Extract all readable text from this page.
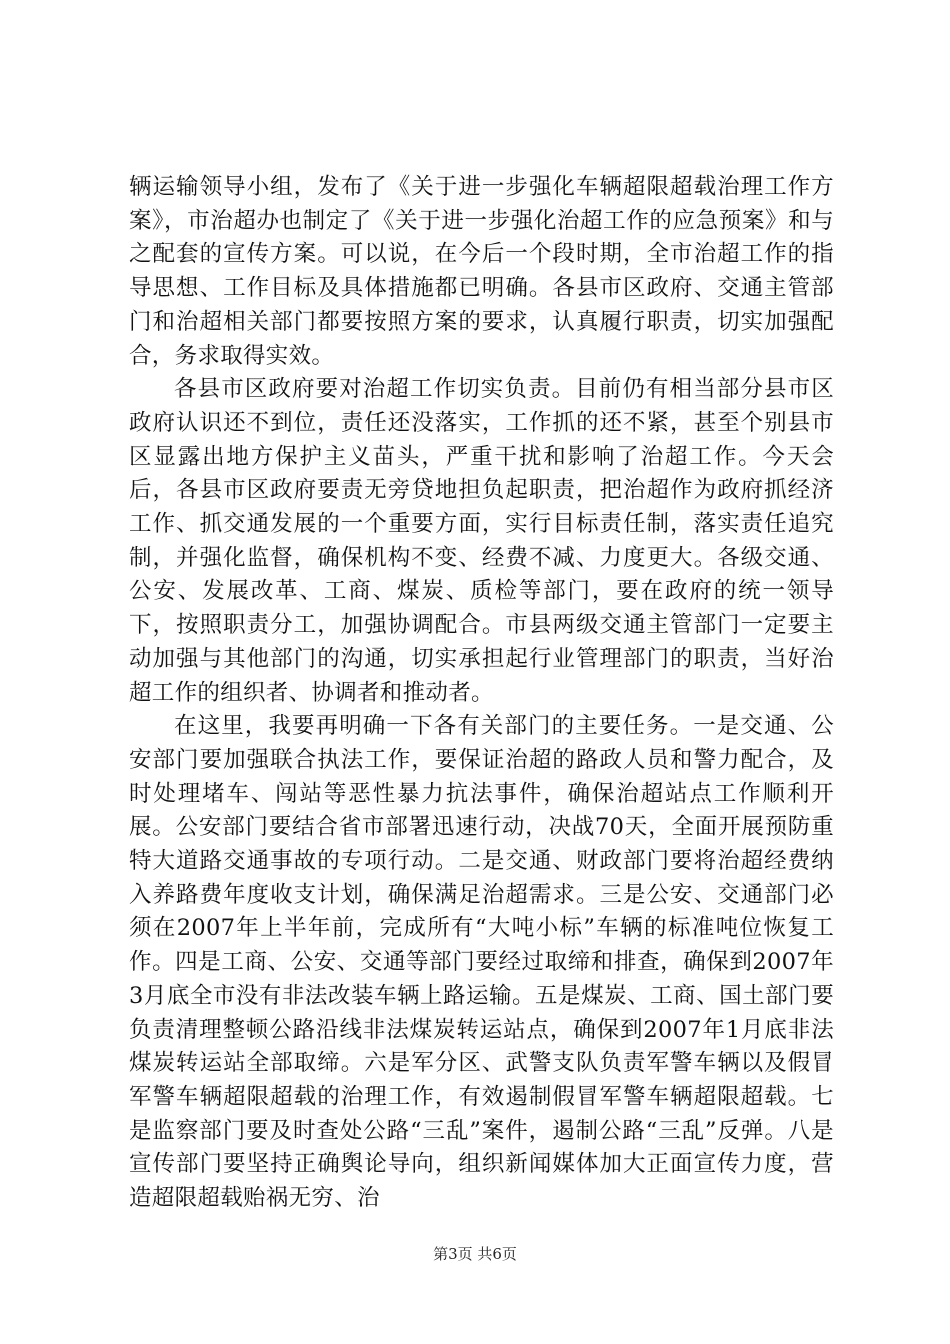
辆运输领导小组，发布了《关于进一步强化车辆超限超载治理工作方案》，市治超办也制定了《关于进一步强化治超工作的应急预案》和与之配套的宣传方案。可以说，在今后一个段时期，全市治超工作的指导思想、工作目标及具体措施都已明确。各县市区政府、交通主管部门和治超相关部门都要按照方案的要求，认真履行职责，切实加强配合，务求取得实效。

各县市区政府要对治超工作切实负责。目前仍有相当部分县市区政府认识还不到位，责任还没落实，工作抓的还不紧，甚至个别县市区显露出地方保护主义苗头，严重干扰和影响了治超工作。今天会后，各县市区政府要责无旁贷地担负起职责，把治超作为政府抓经济工作、抓交通发展的一个重要方面，实行目标责任制，落实责任追究制，并强化监督，确保机构不变、经费不减、力度更大。各级交通、公安、发展改革、工商、煤炭、质检等部门，要在政府的统一领导下，按照职责分工，加强协调配合。市县两级交通主管部门一定要主动加强与其他部门的沟通，切实承担起行业管理部门的职责，当好治超工作的组织者、协调者和推动者。

在这里，我要再明确一下各有关部门的主要任务。一是交通、公安部门要加强联合执法工作，要保证治超的路政人员和警力配合，及时处理堵车、闯站等恶性暴力抗法事件，确保治超站点工作顺利开展。公安部门要结合省市部署迅速行动，决战70天，全面开展预防重特大道路交通事故的专项行动。二是交通、财政部门要将治超经费纳入养路费年度收支计划，确保满足治超需求。三是公安、交通部门必须在2007年上半年前，完成所有“大吨小标”车辆的标准吨位恢复工作。四是工商、公安、交通等部门要经过取缔和排查，确保到2007年3月底全市没有非法改装车辆上路运输。五是煤炭、工商、国土部门要负责清理整顿公路沿线非法煤炭转运站点，确保到2007年1月底非法煤炭转运站全部取缔。六是军分区、武警支队负责军警车辆以及假冒军警车辆超限超载的治理工作，有效遏制假冒军警车辆超限超载。七是监察部门要及时查处公路“三乱”案件，遏制公路“三乱”反弹。八是宣传部门要坚持正确舆论导向，组织新闻媒体加大正面宣传力度，营造超限超载贻祸无穷、治

第3页 共6页
